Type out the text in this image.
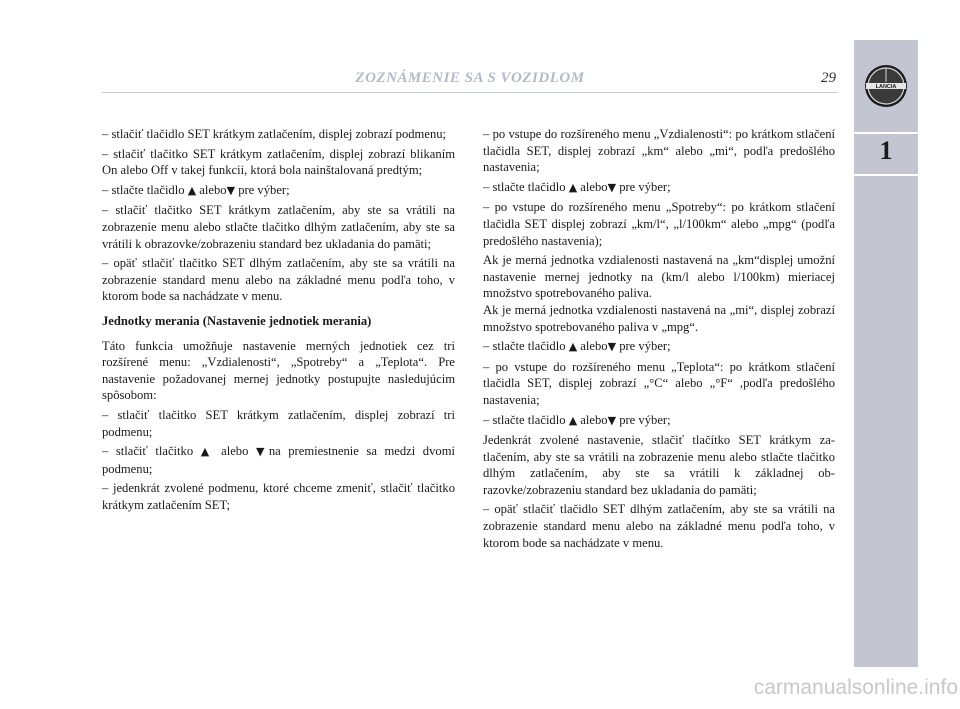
ZOZNÁMENIE SA S VOZIDLOM	29
LANCIA
1

– stlačiť tlačidlo SET krátkym zatlačením, displej zobrazí podmenu;

– stlačiť tlačitko SET krátkym zatlačením, displej zobrazí blikaním On alebo Off v takej funkcii, ktorá bola nainštalovaná predtým;

– stlačte tlačidlo ▲ alebo▼ pre výber;

– stlačiť tlačitko SET krátkym zatlačením, aby ste sa vrátili na zobrazenie menu alebo stlačte tlačitko dlhým zatlačením, aby ste sa vrátili k obrazovke/zobrazeniu standard bez ukladania do pamäti;

– opäť stlačiť tlačitko SET dlhým zatlačením, aby ste sa vrátili na zobrazenie standard menu alebo na základné menu podľa toho, v ktorom bode sa nachádzate v menu.

Jednotky merania (Nastavenie jednotiek merania)

Táto funkcia umožňuje nastavenie merných jednotiek cez tri rozšírené menu: „Vzdialenosti“, „Spotreby“ a „Teplota“. Pre nastavenie požadovanej mernej jednotky postupujte nasledujúcim spôsobom:

– stlačiť tlačitko SET krátkym zatlačením, displej zobrazí tri podmenu;

– stlačiť tlačitko ▲ alebo ▼na premiestnenie sa medzi dvomi podmenu;

– jedenkrát zvolené podmenu, ktoré chceme zmeniť, stlačiť tlačitko krátkym zatlačením SET;

– po vstupe do rozšíreného menu „Vzdialenosti“: po krátkom stlačení tlačidla SET, displej zobrazí „km“ alebo „mi“, podľa predošlého nastavenia;

– stlačte tlačidlo ▲ alebo▼ pre výber;

– po vstupe do rozšíreného menu „Spotreby“: po krátkom stlačení tlačidla SET displej zobrazí „km/l“, „l/100km“ alebo „mpg“ (podľa predošlého nastavenia);

Ak je merná jednotka vzdialenosti nastavená na „km“displej umožní nastavenie mernej jednotky na (km/l alebo l/100km) mieriacej množstvo spotrebovaného paliva.

Ak je merná jednotka vzdialenosti nastavená na „mi“, displej zobrazí množstvo spotrebovaného paliva v „mpg“.

– stlačte tlačidlo ▲ alebo▼ pre výber;

– po vstupe do rozšíreného menu „Teplota“: po krátkom stlačení tlačidla SET, displej zobrazí „°C“ alebo „°F“ ,podľa predošlého nastavenia;

– stlačte tlačidlo ▲ alebo▼ pre výber;

Jedenkrát zvolené nastavenie, stlačiť tlačítko SET krátkym zatlačením, aby ste sa vrátili na zobrazenie menu alebo stlačte tlačitko dlhým zatlačením, aby ste sa vrátili k základnej obrazovke/zobrazeniu standard bez ukladania do pamäti;

– opäť stlačiť tlačidlo SET dlhým zatlačením, aby ste sa vrátili na zobrazenie standard menu alebo na základné menu podľa toho, v ktorom bode sa nachádzate v menu.

carmanualsonline.info
